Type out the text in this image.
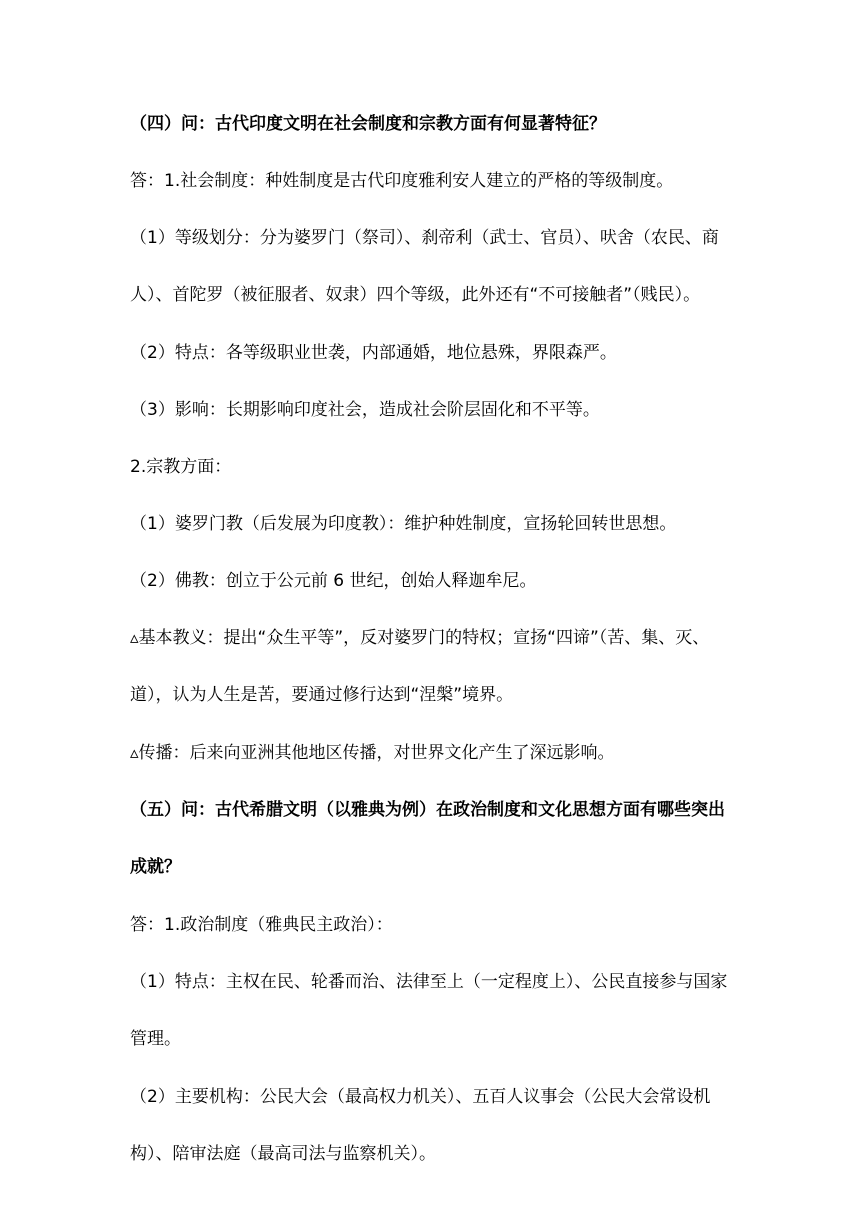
（四）问：古代印度文明在社会制度和宗教方面有何显著特征？

答：1.社会制度：种姓制度是古代印度雅利安人建立的严格的等级制度。

（1）等级划分：分为婆罗门（祭司）、刹帝利（武士、官员）、吠舍（农民、商人）、首陀罗（被征服者、奴隶）四个等级，此外还有“不可接触者”（贱民）。

（2）特点：各等级职业世袭，内部通婚，地位悬殊，界限森严。

（3）影响：长期影响印度社会，造成社会阶层固化和不平等。

2.宗教方面：

（1）婆罗门教（后发展为印度教）：维护种姓制度，宣扬轮回转世思想。

（2）佛教：创立于公元前 6 世纪，创始人释迦牟尼。

▵基本教义：提出“众生平等”，反对婆罗门的特权；宣扬“四谛”（苦、集、灭、道），认为人生是苦，要通过修行达到“涅槃”境界。

▵传播：后来向亚洲其他地区传播，对世界文化产生了深远影响。

（五）问：古代希腊文明（以雅典为例）在政治制度和文化思想方面有哪些突出成就？

答：1.政治制度（雅典民主政治）：

（1）特点：主权在民、轮番而治、法律至上（一定程度上）、公民直接参与国家管理。

（2）主要机构：公民大会（最高权力机关）、五百人议事会（公民大会常设机构）、陪审法庭（最高司法与监察机关）。
